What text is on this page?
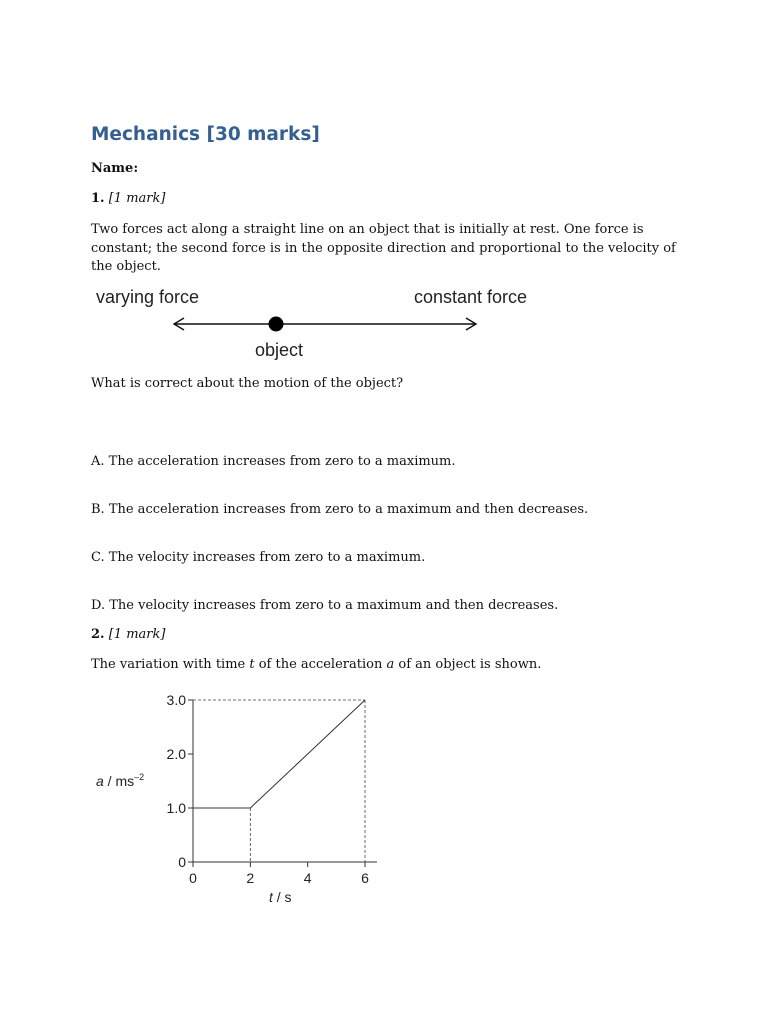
Mechanics [30 marks]
Name:
1. [1 mark]
Two forces act along a straight line on an object that is initially at rest. One force is constant; the second force is in the opposite direction and proportional to the velocity of the object.
varying force	constant force
object
What is correct about the motion of the object?
A. The acceleration increases from zero to a maximum.
B. The acceleration increases from zero to a maximum and then decreases.
C. The velocity increases from zero to a maximum.
D. The velocity increases from zero to a maximum and then decreases.
2. [1 mark]
The variation with time t of the acceleration a of an object is shown.
0	2	4	6
0
1.0
2.0
3.0
a / $ms^{-2}$
t / s
